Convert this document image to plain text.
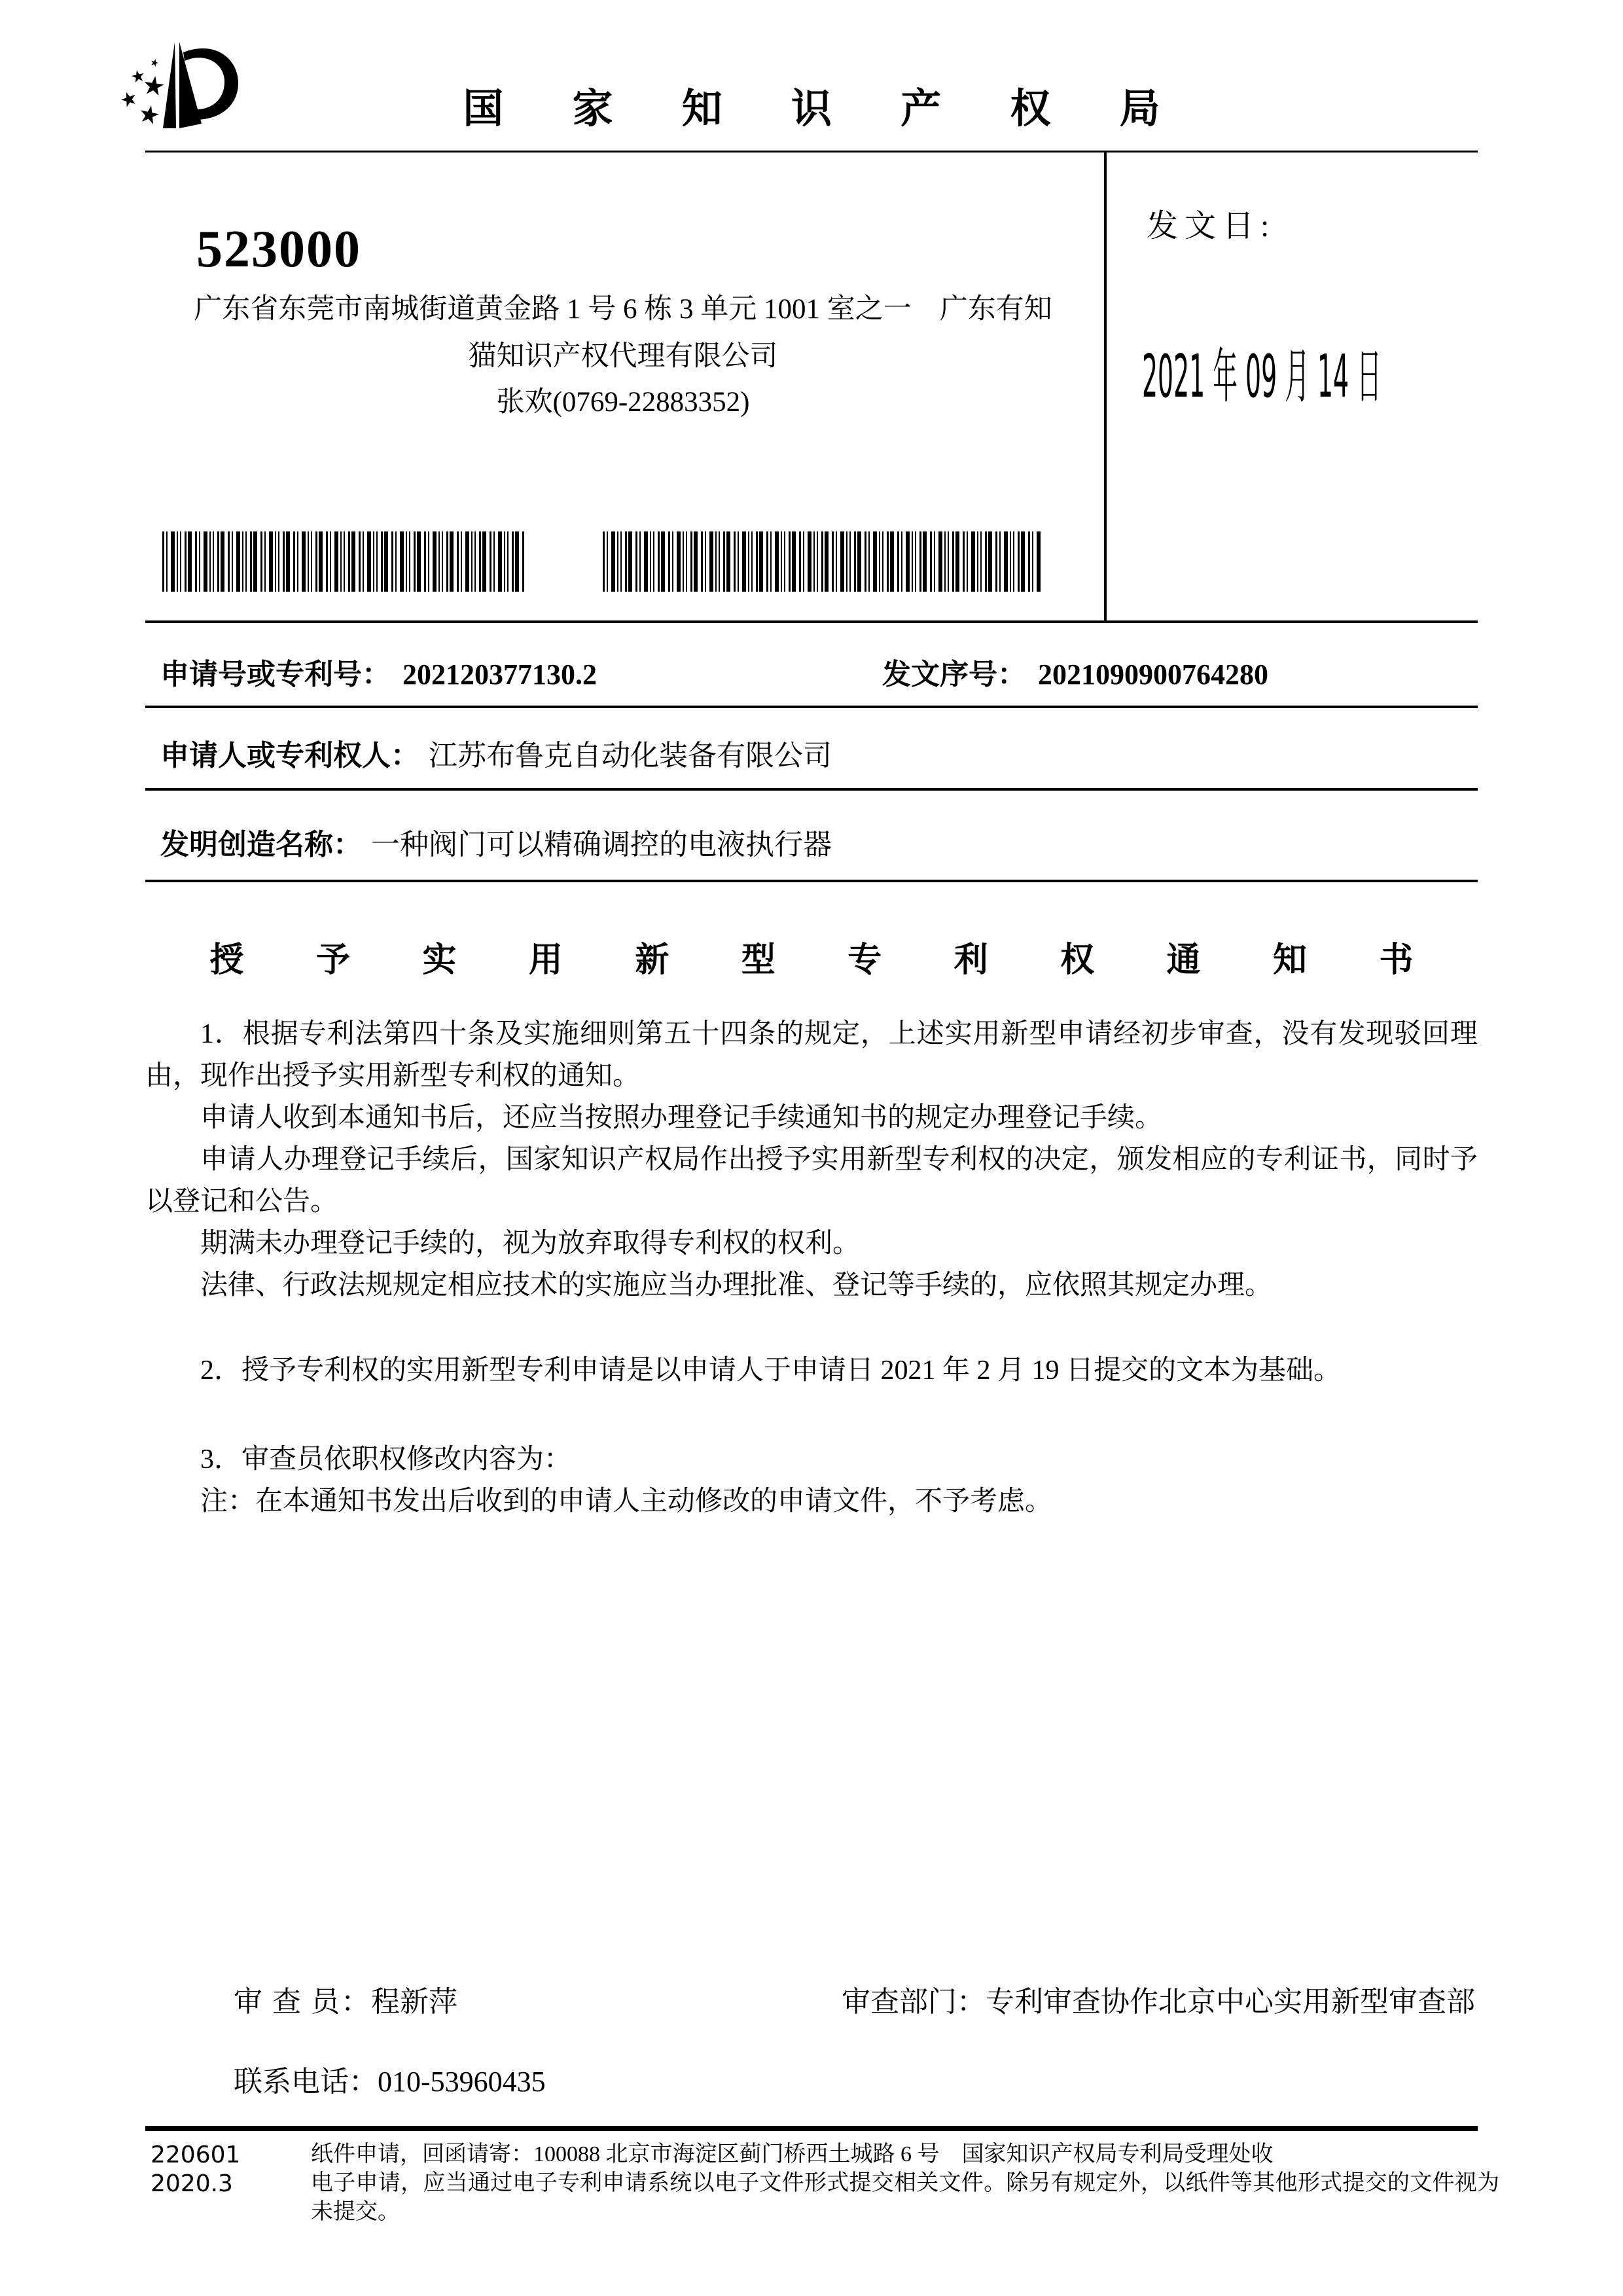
国 家 知 识 产 权 局
523000
广东省东莞市南城街道黄金路 1 号 6 栋 3 单元 1001 室之一　广东有知
猫知识产权代理有限公司
张欢(0769-22883352)
发文日:
2021 年 09 月 14 日
申请号或专利号： 202120377130.2	发文序号： 2021090900764280
申请人或专利权人： 江苏布鲁克自动化装备有限公司
发明创造名称： 一种阀门可以精确调控的电液执行器
授 予 实 用 新 型 专 利 权 通 知 书

1．根据专利法第四十条及实施细则第五十四条的规定，上述实用新型申请经初步审查，没有发现驳回理由，现作出授予实用新型专利权的通知。

申请人收到本通知书后，还应当按照办理登记手续通知书的规定办理登记手续。

申请人办理登记手续后，国家知识产权局作出授予实用新型专利权的决定，颁发相应的专利证书，同时予以登记和公告。

期满未办理登记手续的，视为放弃取得专利权的权利。

法律、行政法规规定相应技术的实施应当办理批准、登记等手续的，应依照其规定办理。

2．授予专利权的实用新型专利申请是以申请人于申请日 2021 年 2 月 19 日提交的文本为基础。

3．审查员依职权修改内容为：

注：在本通知书发出后收到的申请人主动修改的申请文件，不予考虑。

审 查 员：程新萍	审查部门：专利审查协作北京中心实用新型审查部
联系电话：010-53960435
220601
2020.3

纸件申请，回函请寄：100088 北京市海淀区蓟门桥西土城路 6 号　国家知识产权局专利局受理处收

电子申请，应当通过电子专利申请系统以电子文件形式提交相关文件。除另有规定外，以纸件等其他形式提交的文件视为未提交。
